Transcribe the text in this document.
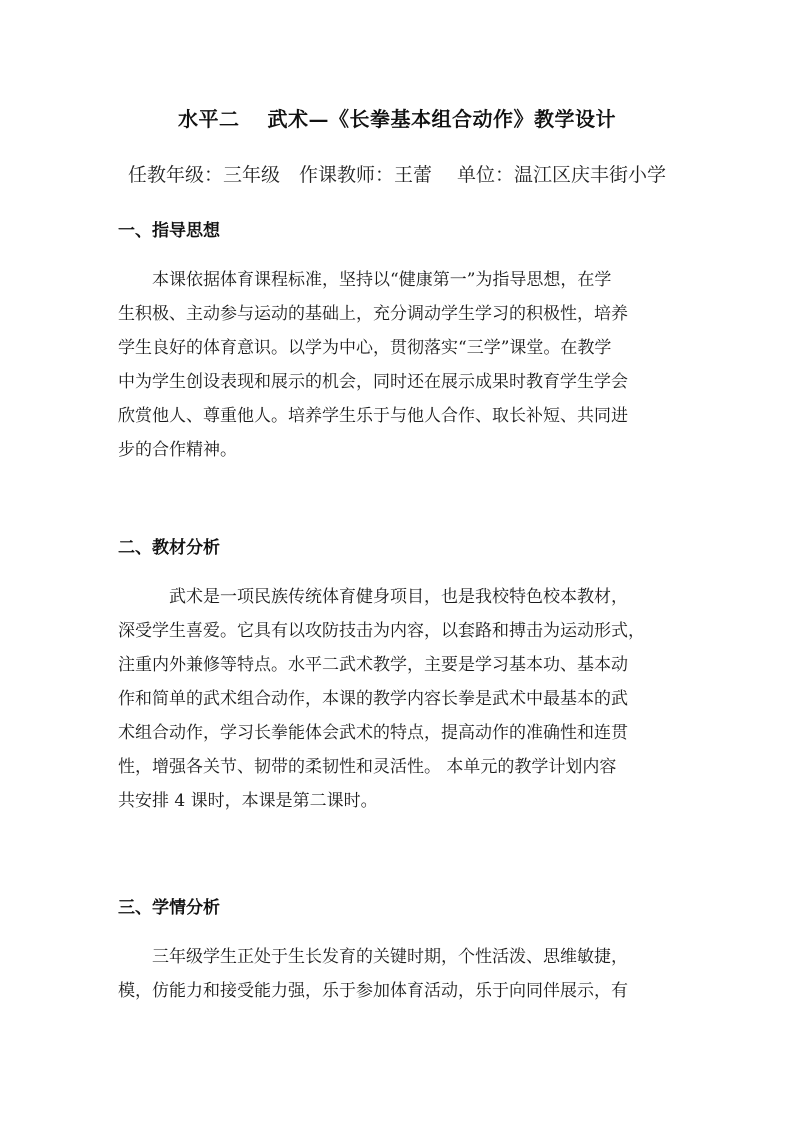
水平二　 武术—《长拳基本组合动作》教学设计
任教年级：三年级　作课教师：王蕾　 单位：温江区庆丰街小学
一、指导思想
　　本课依据体育课程标准，坚持以“健康第一”为指导思想，在学
生积极、主动参与运动的基础上，充分调动学生学习的积极性，培养
学生良好的体育意识。以学为中心，贯彻落实“三学”课堂。在教学
中为学生创设表现和展示的机会，同时还在展示成果时教育学生学会
欣赏他人、尊重他人。培养学生乐于与他人合作、取长补短、共同进
步的合作精神。
二、教材分析
　　　武术是一项民族传统体育健身项目，也是我校特色校本教材，
深受学生喜爱。它具有以攻防技击为内容，以套路和搏击为运动形式，
注重内外兼修等特点。水平二武术教学，主要是学习基本功、基本动
作和简单的武术组合动作，本课的教学内容长拳是武术中最基本的武
术组合动作，学习长拳能体会武术的特点，提高动作的准确性和连贯
性，增强各关节、韧带的柔韧性和灵活性。 本单元的教学计划内容
共安排 4 课时，本课是第二课时。
三、学情分析
　　三年级学生正处于生长发育的关键时期，个性活泼、思维敏捷，
模，仿能力和接受能力强，乐于参加体育活动，乐于向同伴展示，有
